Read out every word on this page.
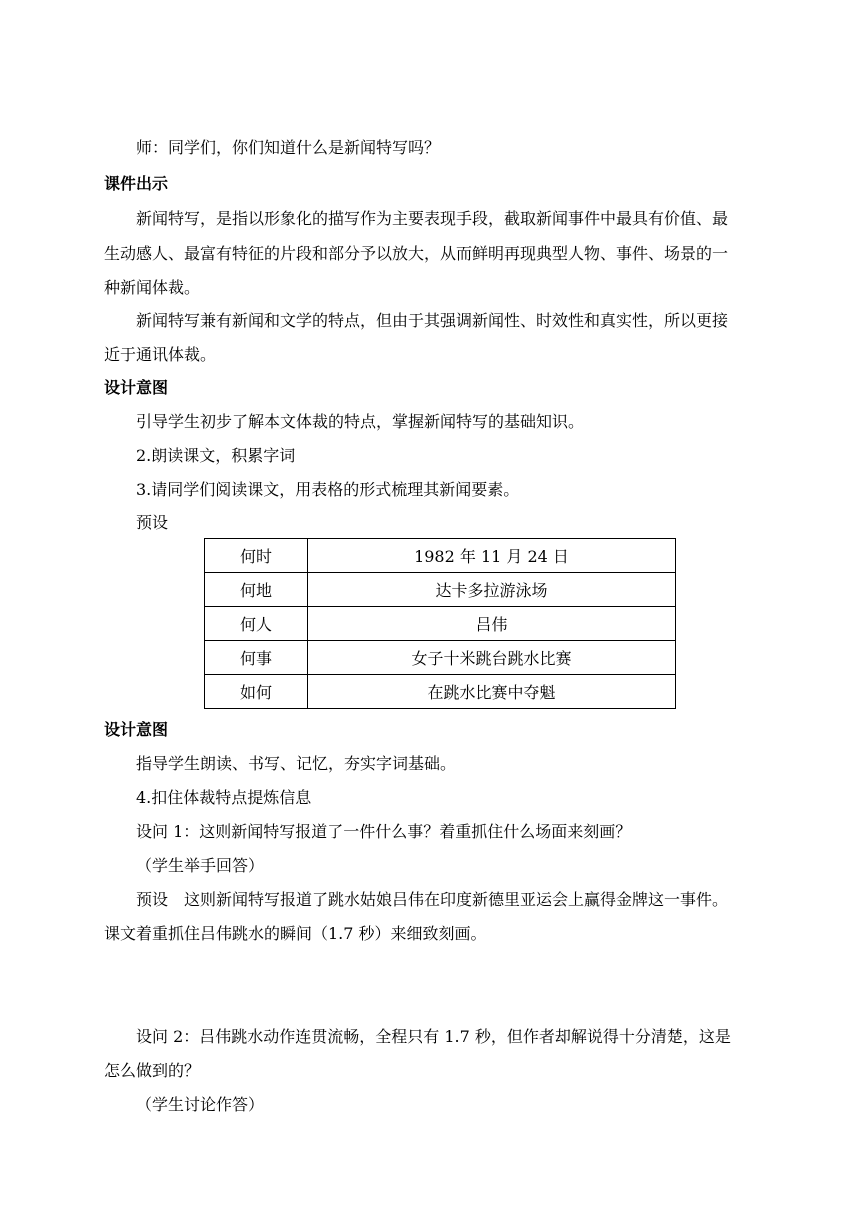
师：同学们，你们知道什么是新闻特写吗？
课件出示
新闻特写，是指以形象化的描写作为主要表现手段，截取新闻事件中最具有价值、最
生动感人、最富有特征的片段和部分予以放大，从而鲜明再现典型人物、事件、场景的一
种新闻体裁。
新闻特写兼有新闻和文学的特点，但由于其强调新闻性、时效性和真实性，所以更接
近于通讯体裁。
设计意图
引导学生初步了解本文体裁的特点，掌握新闻特写的基础知识。
2.朗读课文，积累字词
3.请同学们阅读课文，用表格的形式梳理其新闻要素。
预设
何时	1982 年 11 月 24 日
何地	达卡多拉游泳场
何人	吕伟
何事	女子十米跳台跳水比赛
如何	在跳水比赛中夺魁
设计意图
指导学生朗读、书写、记忆，夯实字词基础。
4.扣住体裁特点提炼信息
设问 1：这则新闻特写报道了一件什么事？着重抓住什么场面来刻画？
（学生举手回答）
预设　这则新闻特写报道了跳水姑娘吕伟在印度新德里亚运会上赢得金牌这一事件。
课文着重抓住吕伟跳水的瞬间（1.7 秒）来细致刻画。
设问 2：吕伟跳水动作连贯流畅，全程只有 1.7 秒，但作者却解说得十分清楚，这是
怎么做到的？
（学生讨论作答）
